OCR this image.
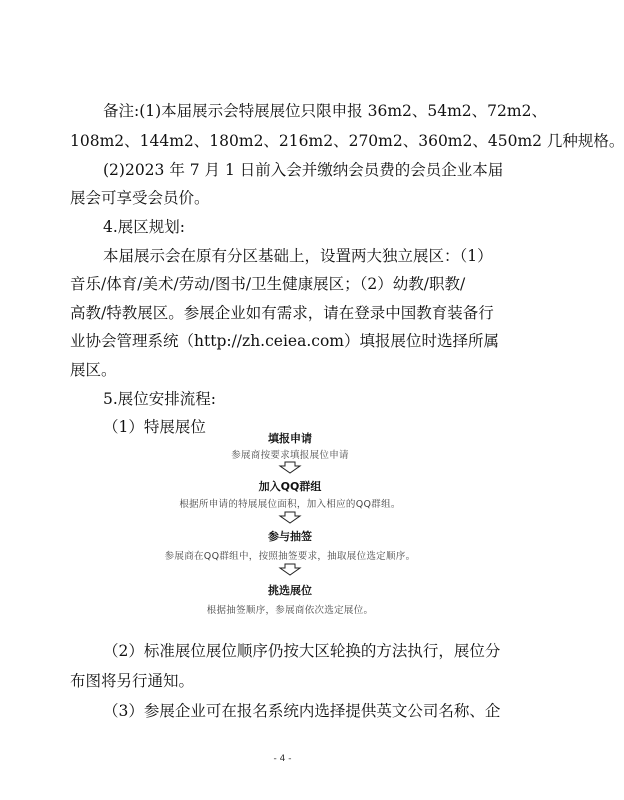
备注:(1)本届展示会特展展位只限申报 36m2、54m2、72m2、
108m2、144m2、180m2、216m2、270m2、360m2、450m2 几种规格。
(2)2023 年 7 月 1 日前入会并缴纳会员费的会员企业本届
展会可享受会员价。
4.展区规划:
本届展示会在原有分区基础上，设置两大独立展区：（1）
音乐/体育/美术/劳动/图书/卫生健康展区；（2）幼教/职教/
高教/特教展区。参展企业如有需求，请在登录中国教育装备行
业协会管理系统（http://zh.ceiea.com）填报展位时选择所属
展区。
5.展位安排流程:
（1）特展展位
填报申请
参展商按要求填报展位申请
加入QQ群组
根据所申请的特展展位面积，加入相应的QQ群组。
参与抽签
参展商在QQ群组中，按照抽签要求，抽取展位选定顺序。
挑选展位
根据抽签顺序，参展商依次选定展位。
（2）标准展位展位顺序仍按大区轮换的方法执行，展位分
布图将另行通知。
（3）参展企业可在报名系统内选择提供英文公司名称、企
- 4 -
